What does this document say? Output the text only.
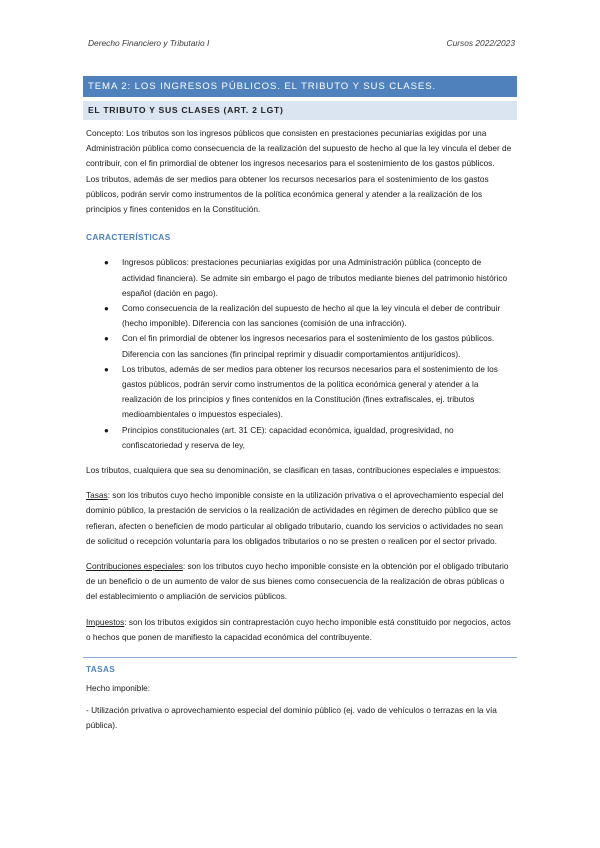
Derecho Financiero y Tributario I	Cursos 2022/2023
TEMA 2: LOS INGRESOS PÚBLICOS. EL TRIBUTO Y SUS CLASES.
EL TRIBUTO Y SUS CLASES (ART. 2 LGT)

Concepto: Los tributos son los ingresos públicos que consisten en prestaciones pecuniarias exigidas por una Administración pública como consecuencia de la realización del supuesto de hecho al que la ley vincula el deber de contribuir, con el fin primordial de obtener los ingresos necesarios para el sostenimiento de los gastos públicos.

Los tributos, además de ser medios para obtener los recursos necesarios para el sostenimiento de los gastos públicos, podrán servir como instrumentos de la política económica general y atender a la realización de los principios y fines contenidos en la Constitución.

CARACTERÍSTICAS
● Ingresos públicos: prestaciones pecuniarias exigidas por una Administración pública (concepto de actividad financiera). Se admite sin embargo el pago de tributos mediante bienes del patrimonio histórico español (dación en pago).
● Como consecuencia de la realización del supuesto de hecho al que la ley vincula el deber de contribuir (hecho imponible). Diferencia con las sanciones (comisión de una infracción).
● Con el fin primordial de obtener los ingresos necesarios para el sostenimiento de los gastos públicos. Diferencia con las sanciones (fin principal reprimir y disuadir comportamientos antijurídicos).
● Los tributos, además de ser medios para obtener los recursos necesarios para el sostenimiento de los gastos públicos, podrán servir como instrumentos de la política económica general y atender a la realización de los principios y fines contenidos en la Constitución (fines extrafiscales, ej. tributos medioambientales o impuestos especiales).
● Principios constitucionales (art. 31 CE): capacidad económica, igualdad, progresividad, no confiscatoriedad y reserva de ley,

Los tributos, cualquiera que sea su denominación, se clasifican en tasas, contribuciones especiales e impuestos:

Tasas: son los tributos cuyo hecho imponible consiste en la utilización privativa o el aprovechamiento especial del dominio público, la prestación de servicios o la realización de actividades en régimen de derecho público que se refieran, afecten o beneficien de modo particular al obligado tributario, cuando los servicios o actividades no sean de solicitud o recepción voluntaria para los obligados tributarios o no se presten o realicen por el sector privado.

Contribuciones especiales: son los tributos cuyo hecho imponible consiste en la obtención por el obligado tributario de un beneficio o de un aumento de valor de sus bienes como consecuencia de la realización de obras públicas o del establecimiento o ampliación de servicios públicos.

Impuestos: son los tributos exigidos sin contraprestación cuyo hecho imponible está constituido por negocios, actos o hechos que ponen de manifiesto la capacidad económica del contribuyente.

TASAS

Hecho imponible:

- Utilización privativa o aprovechamiento especial del dominio público (ej. vado de vehículos o terrazas en la vía pública).
